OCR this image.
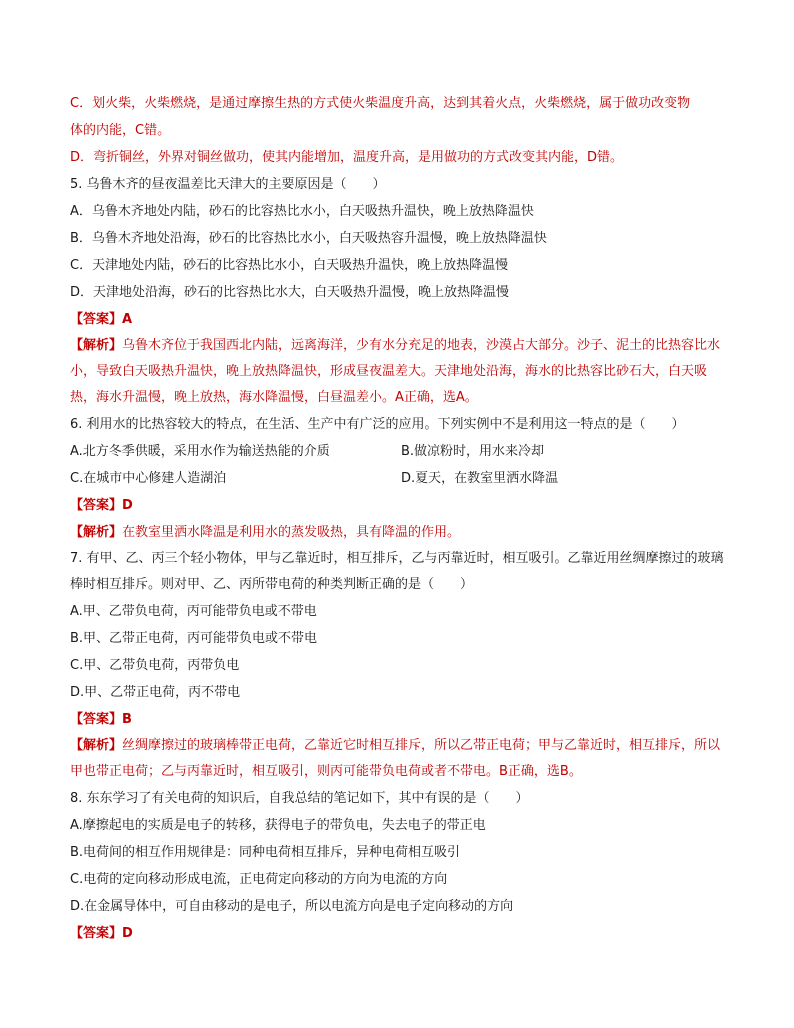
C．划火柴，火柴燃烧，是通过摩擦生热的方式使火柴温度升高，达到其着火点，火柴燃烧，属于做功改变物
体的内能，C错。
D．弯折铜丝，外界对铜丝做功，使其内能增加，温度升高，是用做功的方式改变其内能，D错。
5. 乌鲁木齐的昼夜温差比天津大的主要原因是（　　）
A．乌鲁木齐地处内陆，砂石的比容热比水小，白天吸热升温快，晚上放热降温快
B．乌鲁木齐地处沿海，砂石的比容热比水小，白天吸热容升温慢，晚上放热降温快
C．天津地处内陆，砂石的比容热比水小，白天吸热升温快，晚上放热降温慢
D．天津地处沿海，砂石的比容热比水大，白天吸热升温慢，晚上放热降温慢
【答案】A
【解析】乌鲁木齐位于我国西北内陆，远离海洋，少有水分充足的地表，沙漠占大部分。沙子、泥土的比热容比水小，导致白天吸热升温快，晚上放热降温快，形成昼夜温差大。天津地处沿海，海水的比热容比砂石大，白天吸热，海水升温慢，晚上放热，海水降温慢，白昼温差小。A正确，选A。
6. 利用水的比热容较大的特点，在生活、生产中有广泛的应用。下列实例中不是利用这一特点的是（　　）
A.北方冬季供暖，采用水作为输送热能的介质	B.做凉粉时，用水来冷却
C.在城市中心修建人造湖泊	D.夏天，在教室里洒水降温
【答案】D
【解析】在教室里洒水降温是利用水的蒸发吸热，具有降温的作用。
7. 有甲、乙、丙三个轻小物体，甲与乙靠近时，相互排斥，乙与丙靠近时，相互吸引。乙靠近用丝绸摩擦过的玻璃棒时相互排斥。则对甲、乙、丙所带电荷的种类判断正确的是（　　）
A.甲、乙带负电荷，丙可能带负电或不带电
B.甲、乙带正电荷，丙可能带负电或不带电
C.甲、乙带负电荷，丙带负电
D.甲、乙带正电荷，丙不带电
【答案】B
【解析】丝绸摩擦过的玻璃棒带正电荷，乙靠近它时相互排斥，所以乙带正电荷；甲与乙靠近时，相互排斥，所以甲也带正电荷；乙与丙靠近时，相互吸引，则丙可能带负电荷或者不带电。B正确，选B。
8. 东东学习了有关电荷的知识后，自我总结的笔记如下，其中有误的是（　　）
A.摩擦起电的实质是电子的转移，获得电子的带负电，失去电子的带正电
B.电荷间的相互作用规律是：同种电荷相互排斥，异种电荷相互吸引
C.电荷的定向移动形成电流，正电荷定向移动的方向为电流的方向
D.在金属导体中，可自由移动的是电子，所以电流方向是电子定向移动的方向
【答案】D
